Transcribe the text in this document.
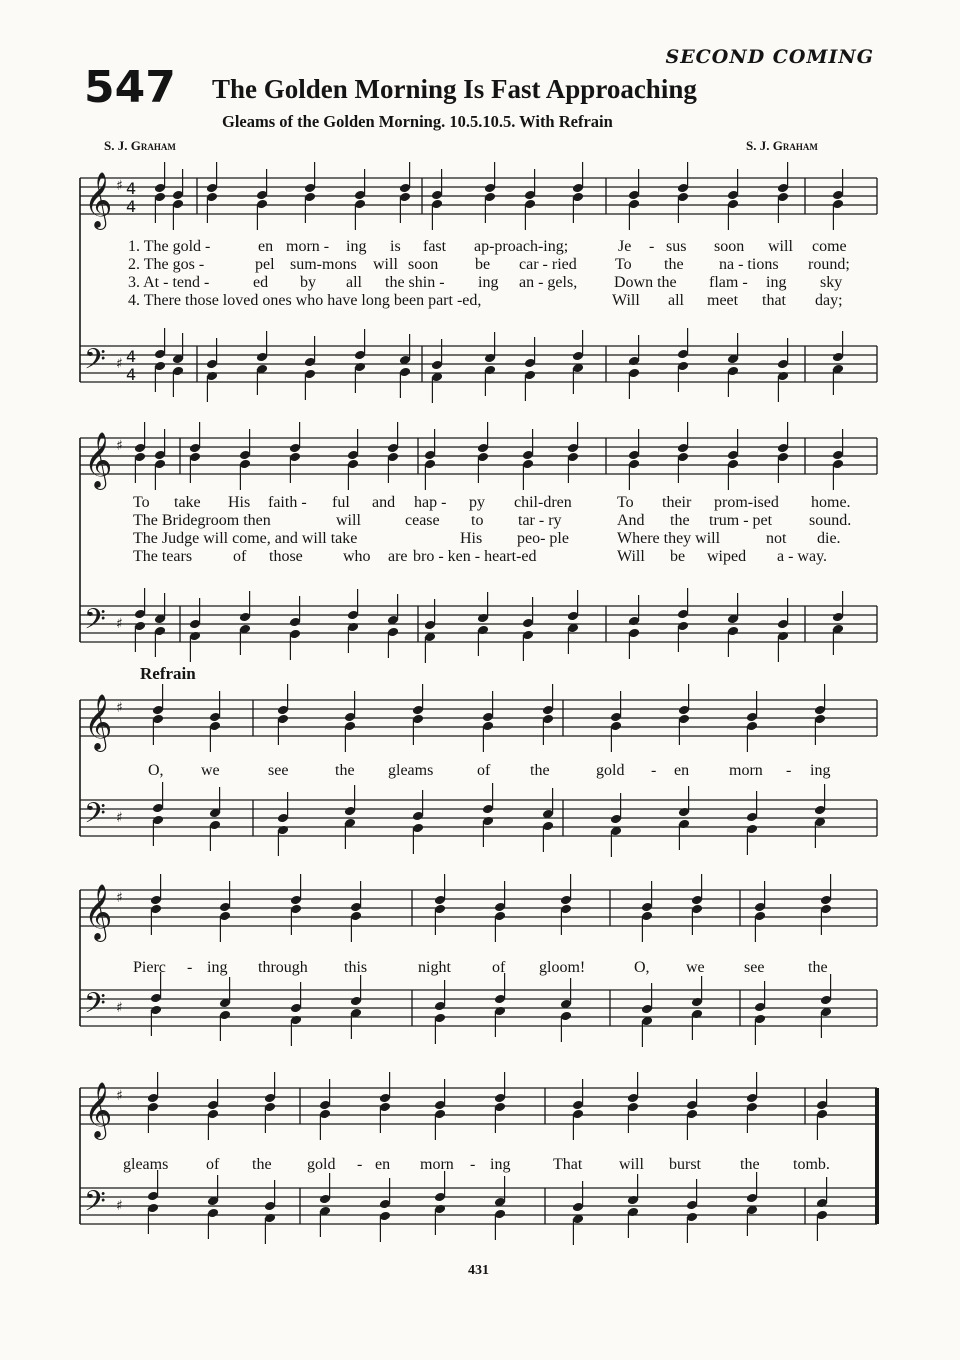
SECOND COMING
547 The Golden Morning Is Fast Approaching
Gleams of the Golden Morning. 10.5.10.5. With Refrain
S. J. Graham	S. J. Graham
𝄞
𝄢
♯
♯
4
4
4
4
𝄞
𝄢
♯
♯
𝄞
𝄢
♯
♯
𝄞
𝄢
♯
♯
𝄞
𝄢
♯
♯
1. The gold -	en morn - ing is fast ap-proach-ing;	Je - sus soon will come
2. The gos -	pel sum-mons will soon be car - ried To the na - tions round;
3. At - tend -	ed by all the shin - ing an - gels, Down the flam - ing sky
4. There those loved ones who have long been part -ed,	Will all meet that day;
To take His faith - ful and hap - py chil-dren	To their prom-ised home.
The Bridegroom then	will	cease to tar - ry	And the trum - pet sound.
The Judge will come, and will take	His peo- ple	Where they will	not die.
The tears	of those	who are bro - ken - heart-ed	Will be wiped a - way.
Refrain
O, we	see	the gleams	of the	gold - en morn - ing
Pierc - ing through this	night	of gloom!	O, we see	the
gleams of the gold - en morn - ing	That will burst the tomb.
431
